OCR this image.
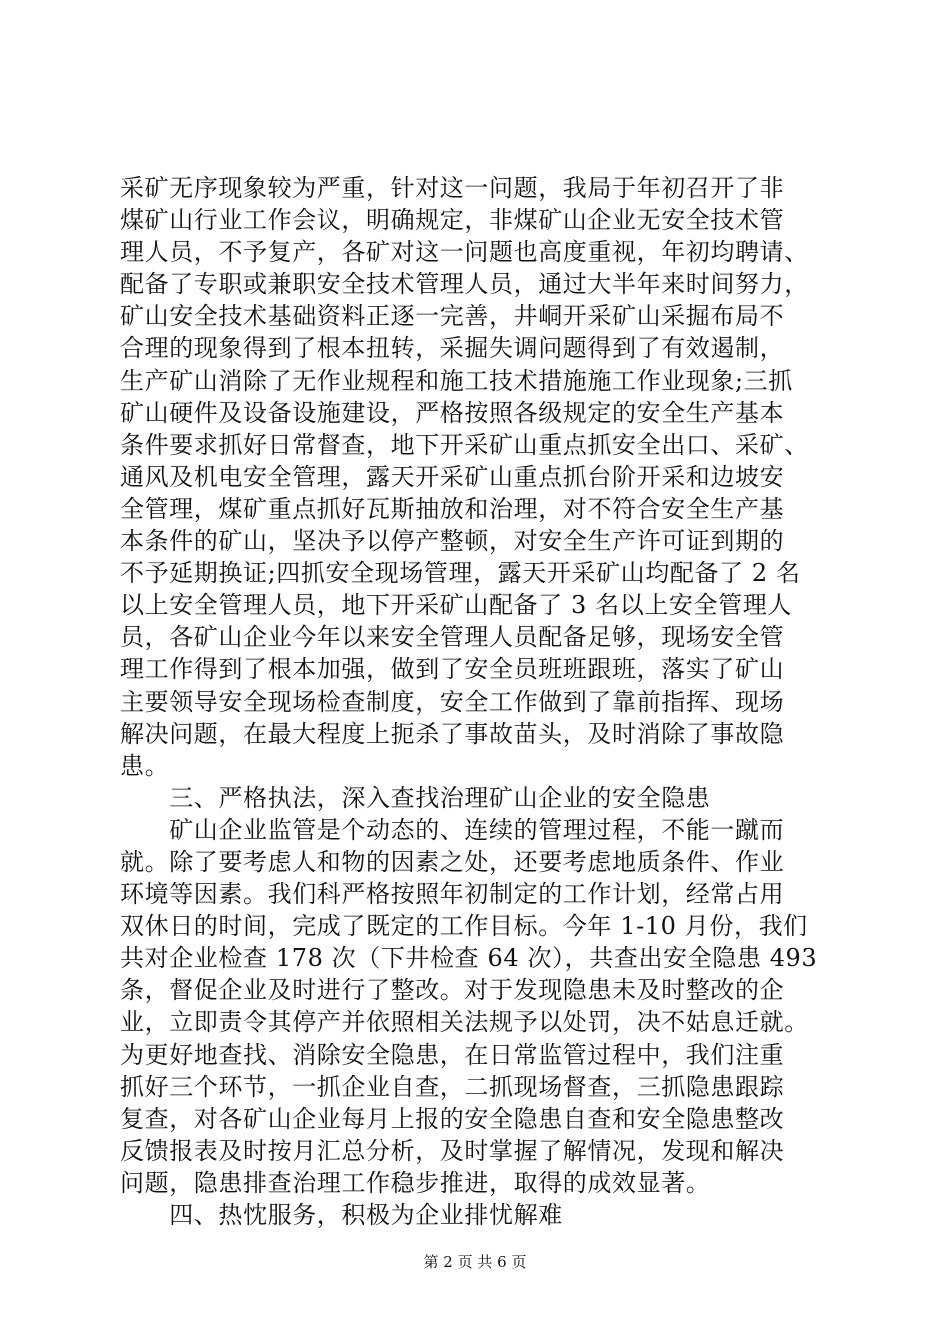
采矿无序现象较为严重，针对这一问题，我局于年初召开了非
煤矿山行业工作会议，明确规定，非煤矿山企业无安全技术管
理人员，不予复产，各矿对这一问题也高度重视，年初均聘请、
配备了专职或兼职安全技术管理人员，通过大半年来时间努力，
矿山安全技术基础资料正逐一完善，井峒开采矿山采掘布局不
合理的现象得到了根本扭转，采掘失调问题得到了有效遏制，
生产矿山消除了无作业规程和施工技术措施施工作业现象;三抓
矿山硬件及设备设施建设，严格按照各级规定的安全生产基本
条件要求抓好日常督查，地下开采矿山重点抓安全出口、采矿、
通风及机电安全管理，露天开采矿山重点抓台阶开采和边坡安
全管理，煤矿重点抓好瓦斯抽放和治理，对不符合安全生产基
本条件的矿山，坚决予以停产整顿，对安全生产许可证到期的
不予延期换证;四抓安全现场管理，露天开采矿山均配备了 2 名
以上安全管理人员，地下开采矿山配备了 3 名以上安全管理人
员，各矿山企业今年以来安全管理人员配备足够，现场安全管
理工作得到了根本加强，做到了安全员班班跟班，落实了矿山
主要领导安全现场检查制度，安全工作做到了靠前指挥、现场
解决问题，在最大程度上扼杀了事故苗头，及时消除了事故隐
患。
　　三、严格执法，深入查找治理矿山企业的安全隐患
　　矿山企业监管是个动态的、连续的管理过程，不能一蹴而
就。除了要考虑人和物的因素之处，还要考虑地质条件、作业
环境等因素。我们科严格按照年初制定的工作计划，经常占用
双休日的时间，完成了既定的工作目标。今年 1-10 月份，我们
共对企业检查 178 次（下井检查 64 次），共查出安全隐患 493
条，督促企业及时进行了整改。对于发现隐患未及时整改的企
业，立即责令其停产并依照相关法规予以处罚，决不姑息迁就。
为更好地查找、消除安全隐患，在日常监管过程中，我们注重
抓好三个环节，一抓企业自查，二抓现场督查，三抓隐患跟踪
复查，对各矿山企业每月上报的安全隐患自查和安全隐患整改
反馈报表及时按月汇总分析，及时掌握了解情况，发现和解决
问题，隐患排查治理工作稳步推进，取得的成效显著。
　　四、热忱服务，积极为企业排忧解难
第 2 页 共 6 页
